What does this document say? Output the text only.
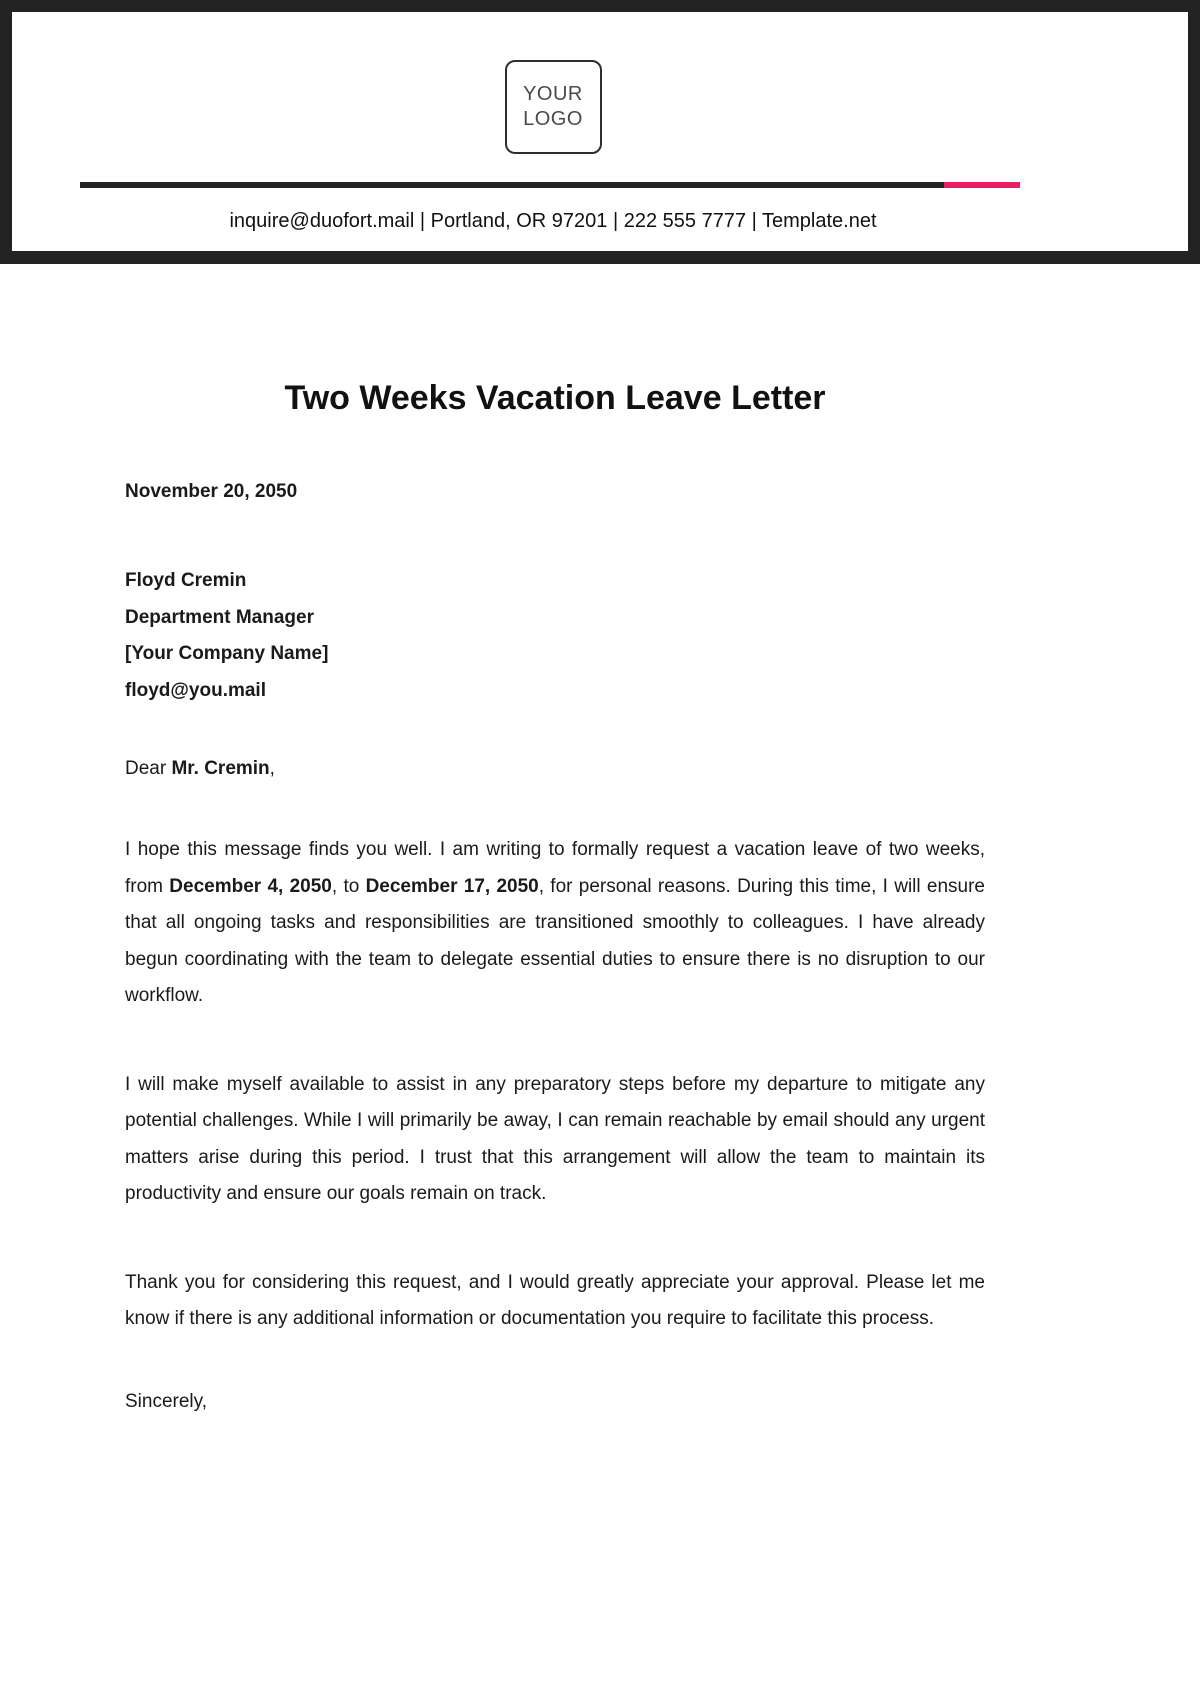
YOUR
LOGO
inquire@duofort.mail | Portland, OR 97201 | 222 555 7777 | Template.net
Two Weeks Vacation Leave Letter

November 20, 2050

Floyd Cremin

Department Manager

[Your Company Name]

floyd@you.mail

Dear Mr. Cremin,

I hope this message finds you well. I am writing to formally request a vacation leave of two weeks, from December 4, 2050, to December 17, 2050, for personal reasons. During this time, I will ensure that all ongoing tasks and responsibilities are transitioned smoothly to colleagues. I have already begun coordinating with the team to delegate essential duties to ensure there is no disruption to our workflow.

I will make myself available to assist in any preparatory steps before my departure to mitigate any potential challenges. While I will primarily be away, I can remain reachable by email should any urgent matters arise during this period. I trust that this arrangement will allow the team to maintain its productivity and ensure our goals remain on track.

Thank you for considering this request, and I would greatly appreciate your approval. Please let me know if there is any additional information or documentation you require to facilitate this process.

Sincerely,
